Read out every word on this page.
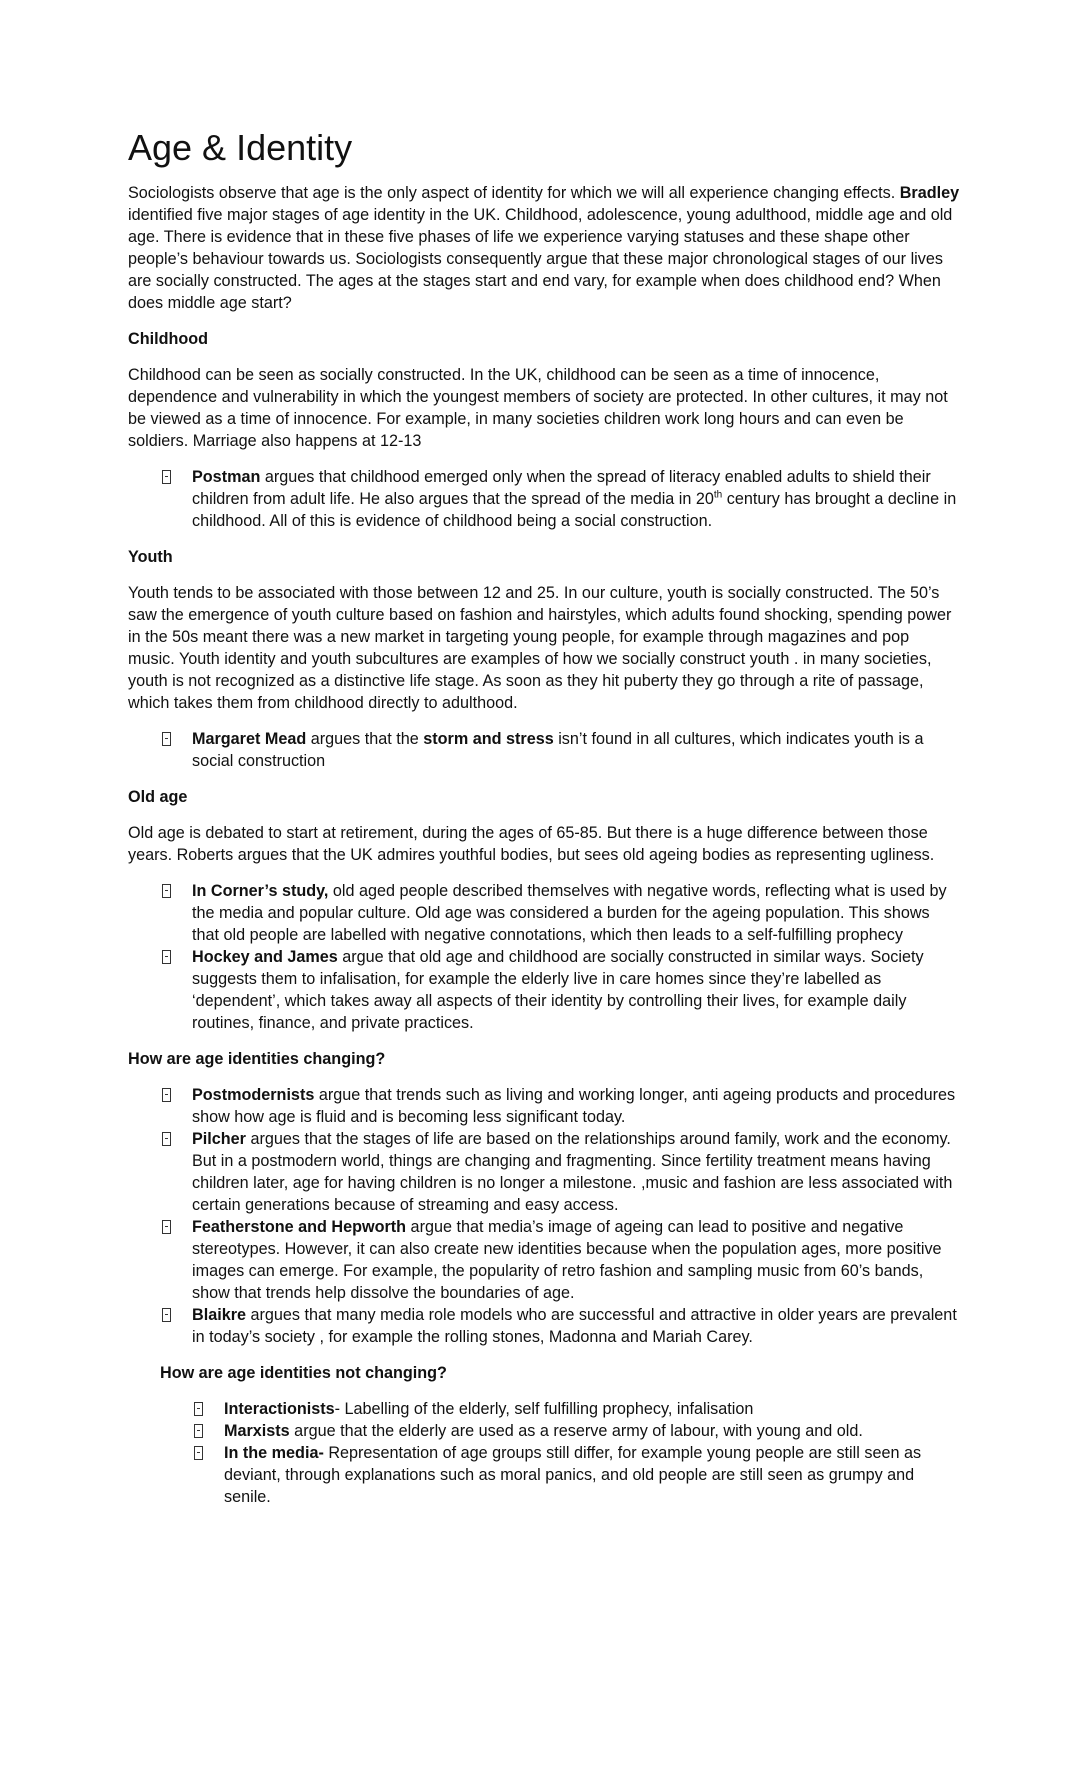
Age & Identity

Sociologists observe that age is the only aspect of identity for which we will all experience changing effects. Bradley identified five major stages of age identity in the UK. Childhood, adolescence, young adulthood, middle age and old age. There is evidence that in these five phases of life we experience varying statuses and these shape other people’s behaviour towards us. Sociologists consequently argue that these major chronological stages of our lives are socially constructed. The ages at the stages start and end vary, for example when does childhood end? When does middle age start?

Childhood

Childhood can be seen as socially constructed. In the UK, childhood can be seen as a time of innocence, dependence and vulnerability in which the youngest members of society are protected. In other cultures, it may not be viewed as a time of innocence. For example, in many societies children work long hours and can even be soldiers. Marriage also happens at 12-13

Postman argues that childhood emerged only when the spread of literacy enabled adults to shield their children from adult life. He also argues that the spread of the media in 20th century has brought a decline in childhood. All of this is evidence of childhood being a social construction.
Youth

Youth tends to be associated with those between 12 and 25. In our culture, youth is socially constructed. The 50’s saw the emergence of youth culture based on fashion and hairstyles, which adults found shocking, spending power in the 50s meant there was a new market in targeting young people, for example through magazines and pop music. Youth identity and youth subcultures are examples of how we socially construct youth . in many societies, youth is not recognized as a distinctive life stage. As soon as they hit puberty they go through a rite of passage, which takes them from childhood directly to adulthood.

Margaret Mead argues that the storm and stress isn’t found in all cultures, which indicates youth is a social construction
Old age

Old age is debated to start at retirement, during the ages of 65-85. But there is a huge difference between those years. Roberts argues that the UK admires youthful bodies, but sees old ageing bodies as representing ugliness.

In Corner’s study, old aged people described themselves with negative words, reflecting what is used by the media and popular culture. Old age was considered a burden for the ageing population. This shows that old people are labelled with negative connotations, which then leads to a self-fulfilling prophecy
Hockey and James argue that old age and childhood are socially constructed in similar ways. Society suggests them to infalisation, for example the elderly live in care homes since they’re labelled as ‘dependent’, which takes away all aspects of their identity by controlling their lives, for example daily routines, finance, and private practices.
How are age identities changing?
Postmodernists argue that trends such as living and working longer, anti ageing products and procedures show how age is fluid and is becoming less significant today.
Pilcher argues that the stages of life are based on the relationships around family, work and the economy. But in a postmodern world, things are changing and fragmenting. Since fertility treatment means having children later, age for having children is no longer a milestone. ,music and fashion are less associated with certain generations because of streaming and easy access.
Featherstone and Hepworth argue that media’s image of ageing can lead to positive and negative stereotypes. However, it can also create new identities because when the population ages, more positive images can emerge. For example, the popularity of retro fashion and sampling music from 60’s bands, show that trends help dissolve the boundaries of age.
Blaikre argues that many media role models who are successful and attractive in older years are prevalent in today’s society , for example the rolling stones, Madonna and Mariah Carey.
How are age identities not changing?
Interactionists- Labelling of the elderly, self fulfilling prophecy, infalisation
Marxists argue that the elderly are used as a reserve army of labour, with young and old.
In the media- Representation of age groups still differ, for example young people are still seen as deviant, through explanations such as moral panics, and old people are still seen as grumpy and senile.
